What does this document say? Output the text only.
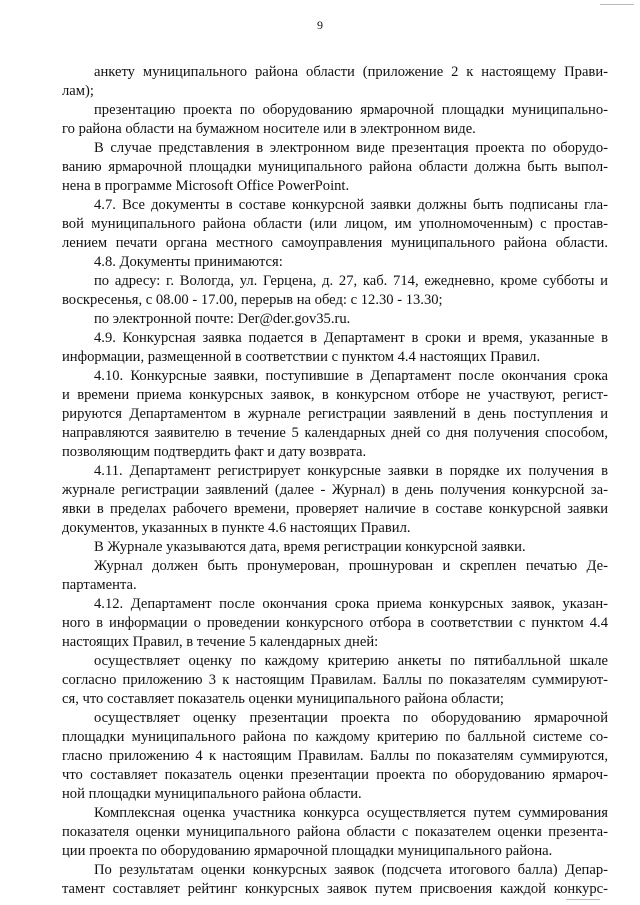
9
анкету муниципального района области (приложение 2 к настоящему Прави-
лам);
презентацию проекта по оборудованию ярмарочной площадки муниципально-
го района области на бумажном носителе или в электронном виде.
В случае представления в электронном виде презентация проекта по оборудо-
ванию ярмарочной площадки муниципального района области должна быть выпол-
нена в программе Microsoft Office PowerPoint.
4.7. Все документы в составе конкурсной заявки должны быть подписаны гла-
вой муниципального района области (или лицом, им уполномоченным) с простав-
лением печати органа местного самоуправления муниципального района области.
4.8. Документы принимаются:
по адресу: г. Вологда, ул. Герцена, д. 27, каб. 714, ежедневно, кроме субботы и
воскресенья, с 08.00 - 17.00, перерыв на обед: с 12.30 - 13.30;
по электронной почте: Der@der.gov35.ru.
4.9. Конкурсная заявка подается в Департамент в сроки и время, указанные в
информации, размещенной в соответствии с пунктом 4.4 настоящих Правил.
4.10. Конкурсные заявки, поступившие в Департамент после окончания срока
и времени приема конкурсных заявок, в конкурсном отборе не участвуют, регист-
рируются Департаментом в журнале регистрации заявлений в день поступления и
направляются заявителю в течение 5 календарных дней со дня получения способом,
позволяющим подтвердить факт и дату возврата.
4.11. Департамент регистрирует конкурсные заявки в порядке их получения в
журнале регистрации заявлений (далее - Журнал) в день получения конкурсной за-
явки в пределах рабочего времени, проверяет наличие в составе конкурсной заявки
документов, указанных в пункте 4.6 настоящих Правил.
В Журнале указываются дата, время регистрации конкурсной заявки.
Журнал должен быть пронумерован, прошнурован и скреплен печатью Де-
партамента.
4.12. Департамент после окончания срока приема конкурсных заявок, указан-
ного в информации о проведении конкурсного отбора в соответствии с пунктом 4.4
настоящих Правил, в течение 5 календарных дней:
осуществляет оценку по каждому критерию анкеты по пятибалльной шкале
согласно приложению 3 к настоящим Правилам. Баллы по показателям суммируют-
ся, что составляет показатель оценки муниципального района области;
осуществляет оценку презентации проекта по оборудованию ярмарочной
площадки муниципального района по каждому критерию по балльной системе со-
гласно приложению 4 к настоящим Правилам. Баллы по показателям суммируются,
что составляет показатель оценки презентации проекта по оборудованию ярмароч-
ной площадки муниципального района области.
Комплексная оценка участника конкурса осуществляется путем суммирования
показателя оценки муниципального района области с показателем оценки презента-
ции проекта по оборудованию ярмарочной площадки муниципального района.
По результатам оценки конкурсных заявок (подсчета итогового балла) Депар-
тамент составляет рейтинг конкурсных заявок путем присвоения каждой конкурс-
